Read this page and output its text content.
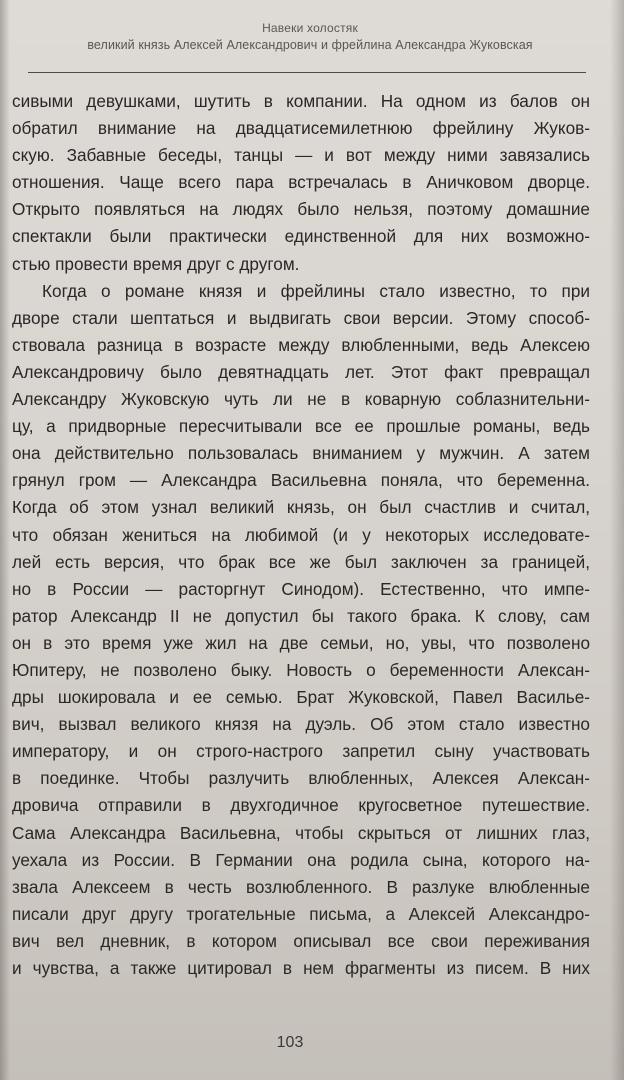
Навеки холостяк
великий князь Алексей Александрович и фрейлина Александра Жуковская
сивыми девушками, шутить в компании. На одном из балов он
обратил внимание на двадцатисемилетнюю фрейлину Жуков-
скую. Забавные беседы, танцы — и вот между ними завязались
отношения. Чаще всего пара встречалась в Аничковом дворце.
Открыто появляться на людях было нельзя, поэтому домашние
спектакли были практически единственной для них возможно-
стью провести время друг с другом.
Когда о романе князя и фрейлины стало известно, то при
дворе стали шептаться и выдвигать свои версии. Этому способ-
ствовала разница в возрасте между влюбленными, ведь Алексею
Александровичу было девятнадцать лет. Этот факт превращал
Александру Жуковскую чуть ли не в коварную соблазнительни-
цу, а придворные пересчитывали все ее прошлые романы, ведь
она действительно пользовалась вниманием у мужчин. А затем
грянул гром — Александра Васильевна поняла, что беременна.
Когда об этом узнал великий князь, он был счастлив и считал,
что обязан жениться на любимой (и у некоторых исследовате-
лей есть версия, что брак все же был заключен за границей,
но в России — расторгнут Синодом). Естественно, что импе-
ратор Александр II не допустил бы такого брака. К слову, сам
он в это время уже жил на две семьи, но, увы, что позволено
Юпитеру, не позволено быку. Новость о беременности Алексан-
дры шокировала и ее семью. Брат Жуковской, Павел Василье-
вич, вызвал великого князя на дуэль. Об этом стало известно
императору, и он строго-настрого запретил сыну участвовать
в поединке. Чтобы разлучить влюбленных, Алексея Алексан-
дровича отправили в двухгодичное кругосветное путешествие.
Сама Александра Васильевна, чтобы скрыться от лишних глаз,
уехала из России. В Германии она родила сына, которого на-
звала Алексеем в честь возлюбленного. В разлуке влюбленные
писали друг другу трогательные письма, а Алексей Александро-
вич вел дневник, в котором описывал все свои переживания
и чувства, а также цитировал в нем фрагменты из писем. В них
103
